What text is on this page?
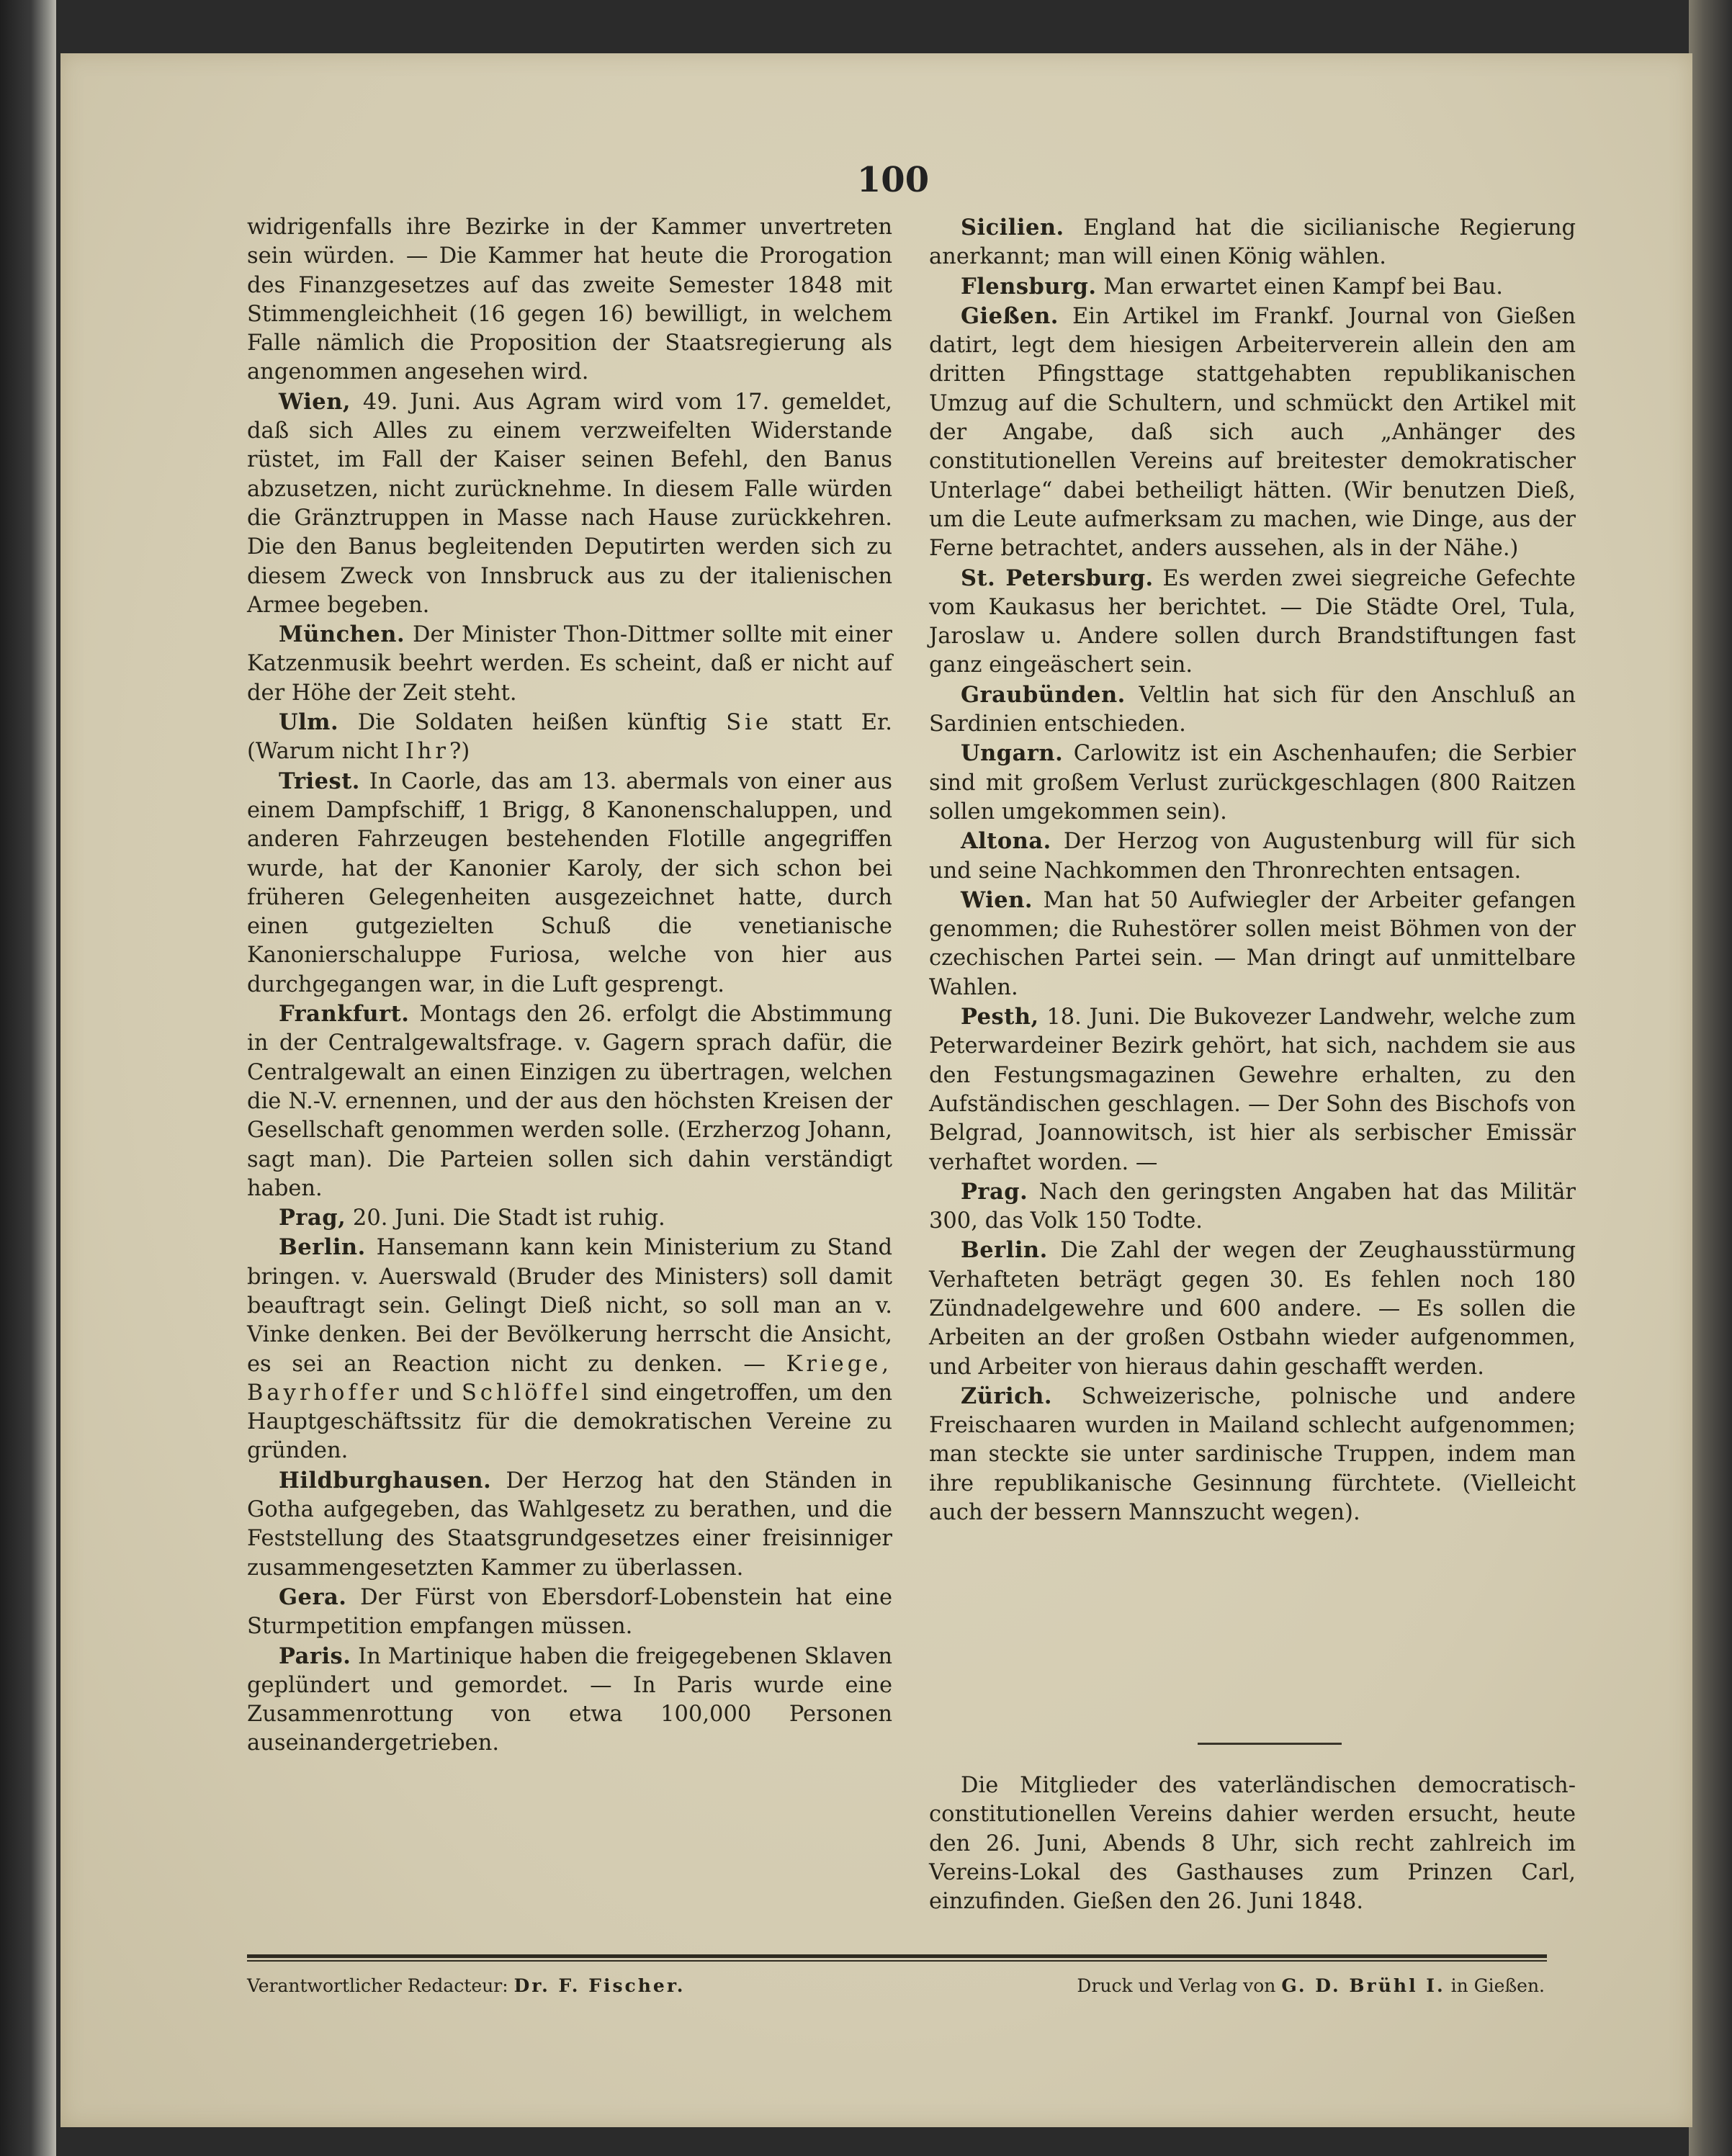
100

widrigenfalls ihre Bezirke in der Kammer unvertreten sein würden. — Die Kammer hat heute die Prorogation des Finanzgesetzes auf das zweite Semester 1848 mit Stimmengleichheit (16 gegen 16) bewilligt, in welchem Falle nämlich die Proposition der Staatsregierung als angenommen angesehen wird.

Wien, 49. Juni. Aus Agram wird vom 17. gemeldet, daß sich Alles zu einem verzweifelten Widerstande rüstet, im Fall der Kaiser seinen Befehl, den Banus abzusetzen, nicht zurücknehme. In diesem Falle würden die Gränztruppen in Masse nach Hause zurückkehren. Die den Banus begleitenden Deputirten werden sich zu diesem Zweck von Innsbruck aus zu der italienischen Armee begeben.

München. Der Minister Thon-Dittmer sollte mit einer Katzenmusik beehrt werden. Es scheint, daß er nicht auf der Höhe der Zeit steht.

Ulm. Die Soldaten heißen künftig Sie statt Er. (Warum nicht Ihr?)

Triest. In Caorle, das am 13. abermals von einer aus einem Dampfschiff, 1 Brigg, 8 Kanonenschaluppen, und anderen Fahrzeugen bestehenden Flotille angegriffen wurde, hat der Kanonier Karoly, der sich schon bei früheren Gelegenheiten ausgezeichnet hatte, durch einen gutgezielten Schuß die venetianische Kanonierschaluppe Furiosa, welche von hier aus durchgegangen war, in die Luft gesprengt.

Frankfurt. Montags den 26. erfolgt die Abstimmung in der Centralgewaltsfrage. v. Gagern sprach dafür, die Centralgewalt an einen Einzigen zu übertragen, welchen die N.-V. ernennen, und der aus den höchsten Kreisen der Gesellschaft genommen werden solle. (Erzherzog Johann, sagt man). Die Parteien sollen sich dahin verständigt haben.

Prag, 20. Juni. Die Stadt ist ruhig.

Berlin. Hansemann kann kein Ministerium zu Stand bringen. v. Auerswald (Bruder des Ministers) soll damit beauftragt sein. Gelingt Dieß nicht, so soll man an v. Vinke denken. Bei der Bevölkerung herrscht die Ansicht, es sei an Reaction nicht zu denken. — Kriege, Bayrhoffer und Schlöffel sind eingetroffen, um den Hauptgeschäftssitz für die demokratischen Vereine zu gründen.

Hildburghausen. Der Herzog hat den Ständen in Gotha aufgegeben, das Wahlgesetz zu berathen, und die Feststellung des Staatsgrundgesetzes einer freisinniger zusammengesetzten Kammer zu überlassen.

Gera. Der Fürst von Ebersdorf-Lobenstein hat eine Sturmpetition empfangen müssen.

Paris. In Martinique haben die freigegebenen Sklaven geplündert und gemordet. — In Paris wurde eine Zusammenrottung von etwa 100,000 Personen auseinandergetrieben.

Sicilien. England hat die sicilianische Regierung anerkannt; man will einen König wählen.

Flensburg. Man erwartet einen Kampf bei Bau.

Gießen. Ein Artikel im Frankf. Journal von Gießen datirt, legt dem hiesigen Arbeiterverein allein den am dritten Pfingsttage stattgehabten republikanischen Umzug auf die Schultern, und schmückt den Artikel mit der Angabe, daß sich auch „Anhänger des constitutionellen Vereins auf breitester demokratischer Unterlage“ dabei betheiligt hätten. (Wir benutzen Dieß, um die Leute aufmerksam zu machen, wie Dinge, aus der Ferne betrachtet, anders aussehen, als in der Nähe.)

St. Petersburg. Es werden zwei siegreiche Gefechte vom Kaukasus her berichtet. — Die Städte Orel, Tula, Jaroslaw u. Andere sollen durch Brandstiftungen fast ganz eingeäschert sein.

Graubünden. Veltlin hat sich für den Anschluß an Sardinien entschieden.

Ungarn. Carlowitz ist ein Aschenhaufen; die Serbier sind mit großem Verlust zurückgeschlagen (800 Raitzen sollen umgekommen sein).

Altona. Der Herzog von Augustenburg will für sich und seine Nachkommen den Thronrechten entsagen.

Wien. Man hat 50 Aufwiegler der Arbeiter gefangen genommen; die Ruhestörer sollen meist Böhmen von der czechischen Partei sein. — Man dringt auf unmittelbare Wahlen.

Pesth, 18. Juni. Die Bukovezer Landwehr, welche zum Peterwardeiner Bezirk gehört, hat sich, nachdem sie aus den Festungsmagazinen Gewehre erhalten, zu den Aufständischen geschlagen. — Der Sohn des Bischofs von Belgrad, Joannowitsch, ist hier als serbischer Emissär verhaftet worden. —

Prag. Nach den geringsten Angaben hat das Militär 300, das Volk 150 Todte.

Berlin. Die Zahl der wegen der Zeughausstürmung Verhafteten beträgt gegen 30. Es fehlen noch 180 Zündnadelgewehre und 600 andere. — Es sollen die Arbeiten an der großen Ostbahn wieder aufgenommen, und Arbeiter von hieraus dahin geschafft werden.

Zürich. Schweizerische, polnische und andere Freischaaren wurden in Mailand schlecht aufgenommen; man steckte sie unter sardinische Truppen, indem man ihre republikanische Gesinnung fürchtete. (Vielleicht auch der bessern Mannszucht wegen).

Die Mitglieder des vaterländischen democratisch-constitutionellen Vereins dahier werden ersucht, heute den 26. Juni, Abends 8 Uhr, sich recht zahlreich im Vereins-Lokal des Gasthauses zum Prinzen Carl, einzufinden. Gießen den 26. Juni 1848.

Verantwortlicher Redacteur: Dr. F. Fischer.	Druck und Verlag von G. D. Brühl I. in Gießen.
